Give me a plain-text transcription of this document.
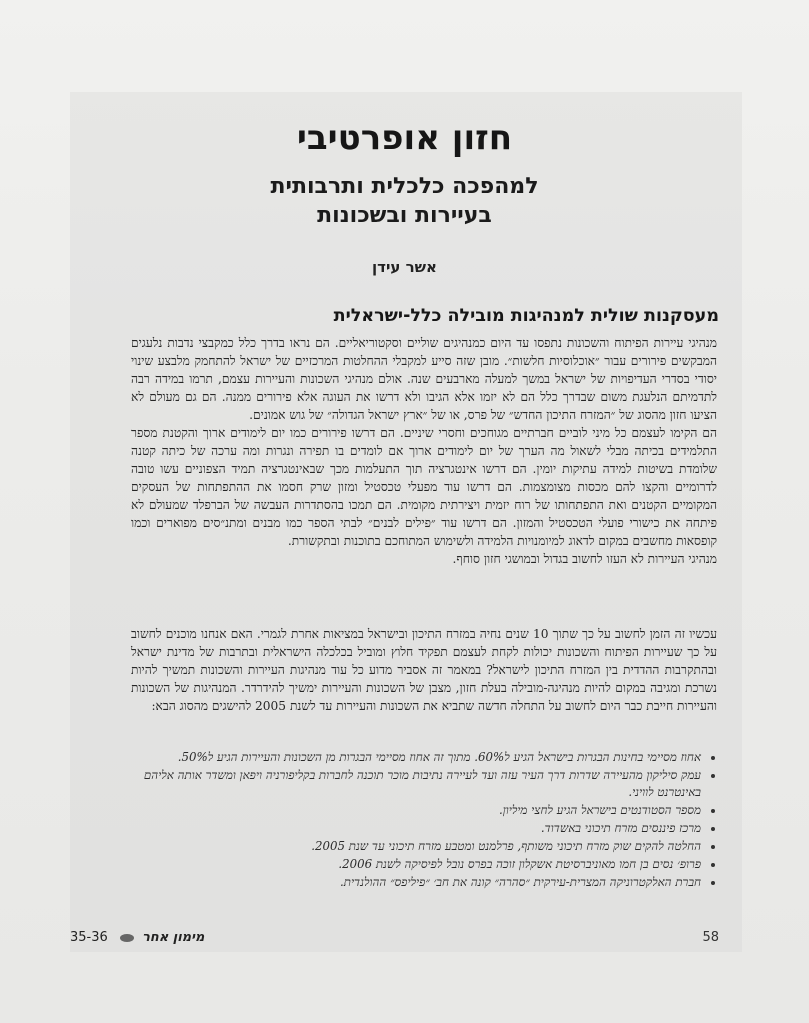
חזון אופרטיבי
למהפכה כלכלית ותרבותית
בעיירות ובשכונות
אשר עידן
מעסקנות שולית למנהיגות מובילה כלל-ישראלית

מנהיגי עיירות הפיתוח והשכונות נתפסו עד היום כמנהיגים שוליים וסקטוריאליים. הם נראו בדרך כלל כמקבצי נדבות נלעגים המבקשים פירורים עבור ״אוכלוסיות חלשות״. מובן שזה סייע למקבלי ההחלטות המרכזיים של ישראל להתחמק מלבצע שינוי יסודי בסדרי העדיפויות של ישראל במשך למעלה מארבעים שנה. אולם מנהיגי השכונות והעיירות עצמם, תרמו במידה רבה לתדמיתם הנלעגת משום שבדרך כלל הם לא יזמו אלא הגיבו ולא דרשו את העוגה אלא פירורים ממנה. הם גם מעולם לא הציעו חזון מהסוג של ״המזרח התיכון החדש״ של פרס, או של ״ארץ ישראל הגדולה״ של גוש אמונים.

הם הקימו לעצמם כל מיני לוביים חברתיים מגוחכים וחסרי שיניים. הם דרשו פירורים כמו יום לימודים ארוך והקטנת מספר התלמידים בכיתה מבלי לשאול מה הערך של יום לימודים ארוך אם לומדים בו תפירה ונגרות ומה ערכה של כיתה קטנה שלומדת בשיטות למידה עתיקות יומין. הם דרשו אינטגרציה תוך התעלמות מכך שבאינטגרציה תמיד הצפוניים עשו טובה לדרומיים והקצו להם מכסות מצומצמות. הם דרשו עוד מפעלי טכסטיל ומזון שרק חסמו את ההתפתחות של העסקים המקומיים הקטנים ואת התפתחותו של רוח יזמית ויצירתית מקומית. הם תמכו בהסתדרות העבשה של הברפלד שמעולם לא פיתחה את כישורי פועלי הטכסטיל והמזון. הם דרשו עוד ״פילים לבנים״ לבתי הספר כמו מבנים ומתנ״סים מפוארים וכמו קופסאות מחשבים במקום לדאוג למיומנויות הלמידה ולשימוש המתוחכם בתוכנות ובתקשורת.

מנהיגי העיירות לא העזו לחשוב בגדול ובמושגי חזון סוחף.

עכשיו זה הזמן לחשוב על כך שתוך 10 שנים נחיה במזרח התיכון ובישראל במציאות אחרת לגמרי. האם אנחנו מוכנים לחשוב על כך שעיירות הפיתוח והשכונות יכולות לקחת לעצמם תפקיד חלוץ ומוביל בכלכלה הישראלית ובתרבות של מדינת ישראל ובהתקרבות ההדדית בין המזרח התיכון לישראל? במאמר זה אסביר מדוע כל עוד מנהיגות העיירות והשכונות תמשיך להיות נשרכת ומגיבה במקום להיות מנהיגה-מובילה בעלת חזון, מצבן של השכונות והעיירות ימשיך להידרדר. המנהיגות של השכונות והעיירות חייבת כבר היום לחשוב על התחלה חדשה שתביא את השכונות והעיירות עד לשנת 2005 להישגים מהסוג הבא:

• אחוז מסיימי בחינות הבגרות בישראל הגיע ל60%. מתוך זה אחוז מסיימי הבגרות מן השכונות והעיירות הגיע ל50%.
• עמק סיליקון מהעיירה שדרות דרך העיר עזה ועד לעיירה נתיבות מוכר תוכנה לחברות בקליפורניה ויפאן ומשדר אותה אליהם באינטרנט לוויני.
• מספר הסטודנטים בישראל הגיע לחצי מיליון.
• מרכז פיננסים מזרח תיכוני באשדוד.
• החלטה להקים שוק מזרח תיכוני משותף, פרלמנט ומטבע מזרח תיכוני עד שנת 2005.
• פרופ׳ נסים בן חמו מאוניברסיטת אשקלון זוכה בפרס נובל לפיסיקה לשנת 2006.
• חברת האלקטרוניקה המצרית-עירקית ״סהרה״ קונה את חב׳ ״פיליפס״ ההולנדית.
מימון אחר  35-36	58
